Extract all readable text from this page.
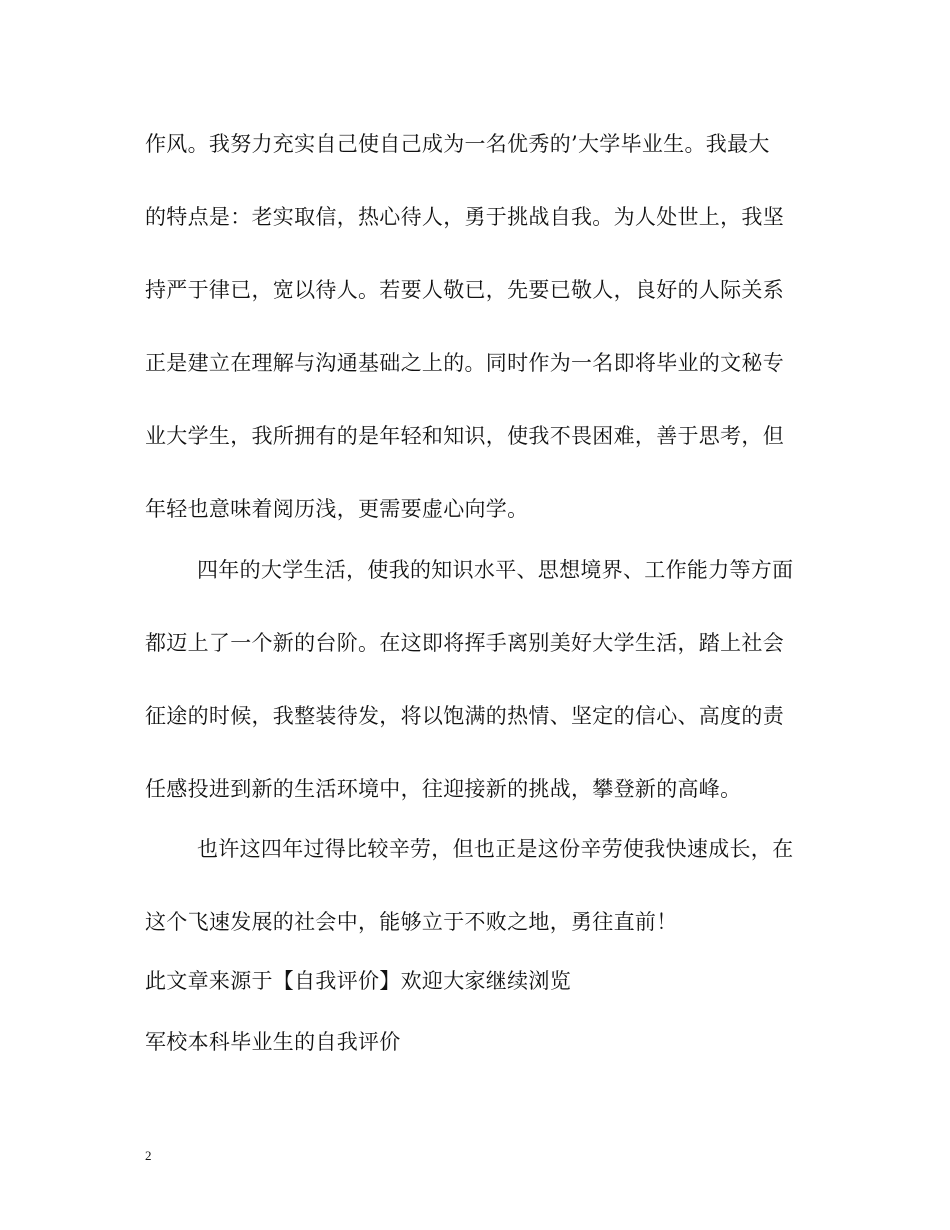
作风。我努力充实自己使自己成为一名优秀的’大学毕业生。我最大
的特点是：老实取信，热心待人，勇于挑战自我。为人处世上，我坚
持严于律已，宽以待人。若要人敬已，先要已敬人，良好的人际关系
正是建立在理解与沟通基础之上的。同时作为一名即将毕业的文秘专
业大学生，我所拥有的是年轻和知识，使我不畏困难，善于思考，但
年轻也意味着阅历浅，更需要虚心向学。
四年的大学生活，使我的知识水平、思想境界、工作能力等方面
都迈上了一个新的台阶。在这即将挥手离别美好大学生活，踏上社会
征途的时候，我整装待发，将以饱满的热情、坚定的信心、高度的责
任感投进到新的生活环境中，往迎接新的挑战，攀登新的高峰。
也许这四年过得比较辛劳，但也正是这份辛劳使我快速成长，在
这个飞速发展的社会中，能够立于不败之地，勇往直前！
此文章来源于【自我评价】欢迎大家继续浏览
军校本科毕业生的自我评价
2
